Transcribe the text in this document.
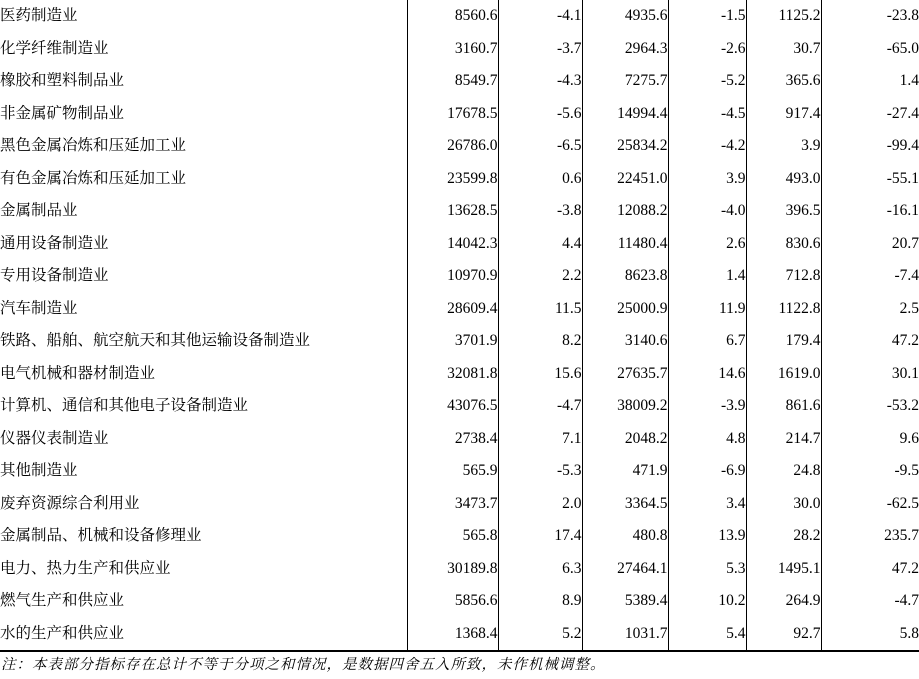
医药制造业	8560.6	-4.1	4935.6	-1.5	1125.2	-23.8
化学纤维制造业	3160.7	-3.7	2964.3	-2.6	30.7	-65.0
橡胶和塑料制品业	8549.7	-4.3	7275.7	-5.2	365.6	1.4
非金属矿物制品业	17678.5	-5.6	14994.4	-4.5	917.4	-27.4
黑色金属冶炼和压延加工业	26786.0	-6.5	25834.2	-4.2	3.9	-99.4
有色金属冶炼和压延加工业	23599.8	0.6	22451.0	3.9	493.0	-55.1
金属制品业	13628.5	-3.8	12088.2	-4.0	396.5	-16.1
通用设备制造业	14042.3	4.4	11480.4	2.6	830.6	20.7
专用设备制造业	10970.9	2.2	8623.8	1.4	712.8	-7.4
汽车制造业	28609.4	11.5	25000.9	11.9	1122.8	2.5
铁路、船舶、航空航天和其他运输设备制造业	3701.9	8.2	3140.6	6.7	179.4	47.2
电气机械和器材制造业	32081.8	15.6	27635.7	14.6	1619.0	30.1
计算机、通信和其他电子设备制造业	43076.5	-4.7	38009.2	-3.9	861.6	-53.2
仪器仪表制造业	2738.4	7.1	2048.2	4.8	214.7	9.6
其他制造业	565.9	-5.3	471.9	-6.9	24.8	-9.5
废弃资源综合利用业	3473.7	2.0	3364.5	3.4	30.0	-62.5
金属制品、机械和设备修理业	565.8	17.4	480.8	13.9	28.2	235.7
电力、热力生产和供应业	30189.8	6.3	27464.1	5.3	1495.1	47.2
燃气生产和供应业	5856.6	8.9	5389.4	10.2	264.9	-4.7
水的生产和供应业	1368.4	5.2	1031.7	5.4	92.7	5.8
注：本表部分指标存在总计不等于分项之和情况，是数据四舍五入所致，未作机械调整。
